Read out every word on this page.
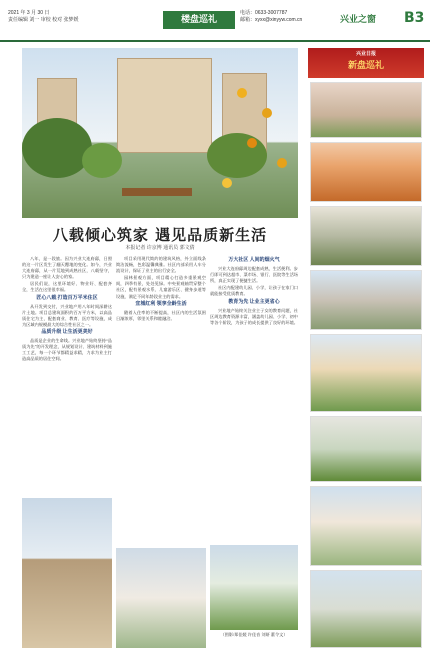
2021 年 3 月 30 日
责任编辑 刘一 审校 校对 张梦媛	楼盘巡礼
电话：0633-3007787
邮箱：xyxx@xinyyw.com.cn	兴业之窗	B3
八载倾心筑家 遇见品质新生活
本报记者 许京博 通讯员 郭文倩

八年，是一段旅。因为兴业大连府邸，日照的这一片区发生了翻天覆地的变化。如今，兴业大连府邸，从一片荒地到成熟社区，八载坚守，只为建造一座让人安心的家。

居民们说，这里环境好、物业好、配套齐全，生活在这里很幸福。

匠心八载 打造百万平米住区

从开发到交付，兴业地产用八年时间深耕这片土地。项目总建筑面积约百万平方米，以高品质住宅为主，配套商业、教育、医疗等设施，成为区域内规模最大的综合性社区之一。

品质升级 让生活更美好

品质是企业的生命线。兴业地产始终坚持“品质为先”的开发理念，从规划设计、建筑材料到施工工艺，每一个环节都精益求精，力求为业主打造高品质的居住空间。

项目采用现代简约的建筑风格，外立面线条简洁流畅，色彩温馨典雅。社区内部采用人车分流设计，保证了业主的出行安全。

园林景观方面，项目精心打造多重景观空间，四季有景，处处见绿。中央景观轴贯穿整个社区，配有景观水系、儿童游乐区、健身步道等设施，满足不同年龄段业主的需求。

宜城红利 领享全龄生活

随着入住率的不断提高，社区内的生活氛围日渐浓厚，邻里关系和睦融洽。

万大社区 人间的烟火气

兴业大连府邸周边配套成熟，生活便利。步行即可到达超市、菜市场、银行、医院等生活场所，真正实现了便捷生活。

社区内配建幼儿园、小学，让孩子在家门口就能接受优质教育。

教育为先 让业主更省心

兴业地产始终关注业主子女的教育问题，社区周边教育资源丰富，涵盖幼儿园、小学、初中等各个阶段，为孩子的成长提供了良好的环境。

（图影/郑佳媛 许佳音 刘妍 董令文）
兴业日报
新盘巡礼
